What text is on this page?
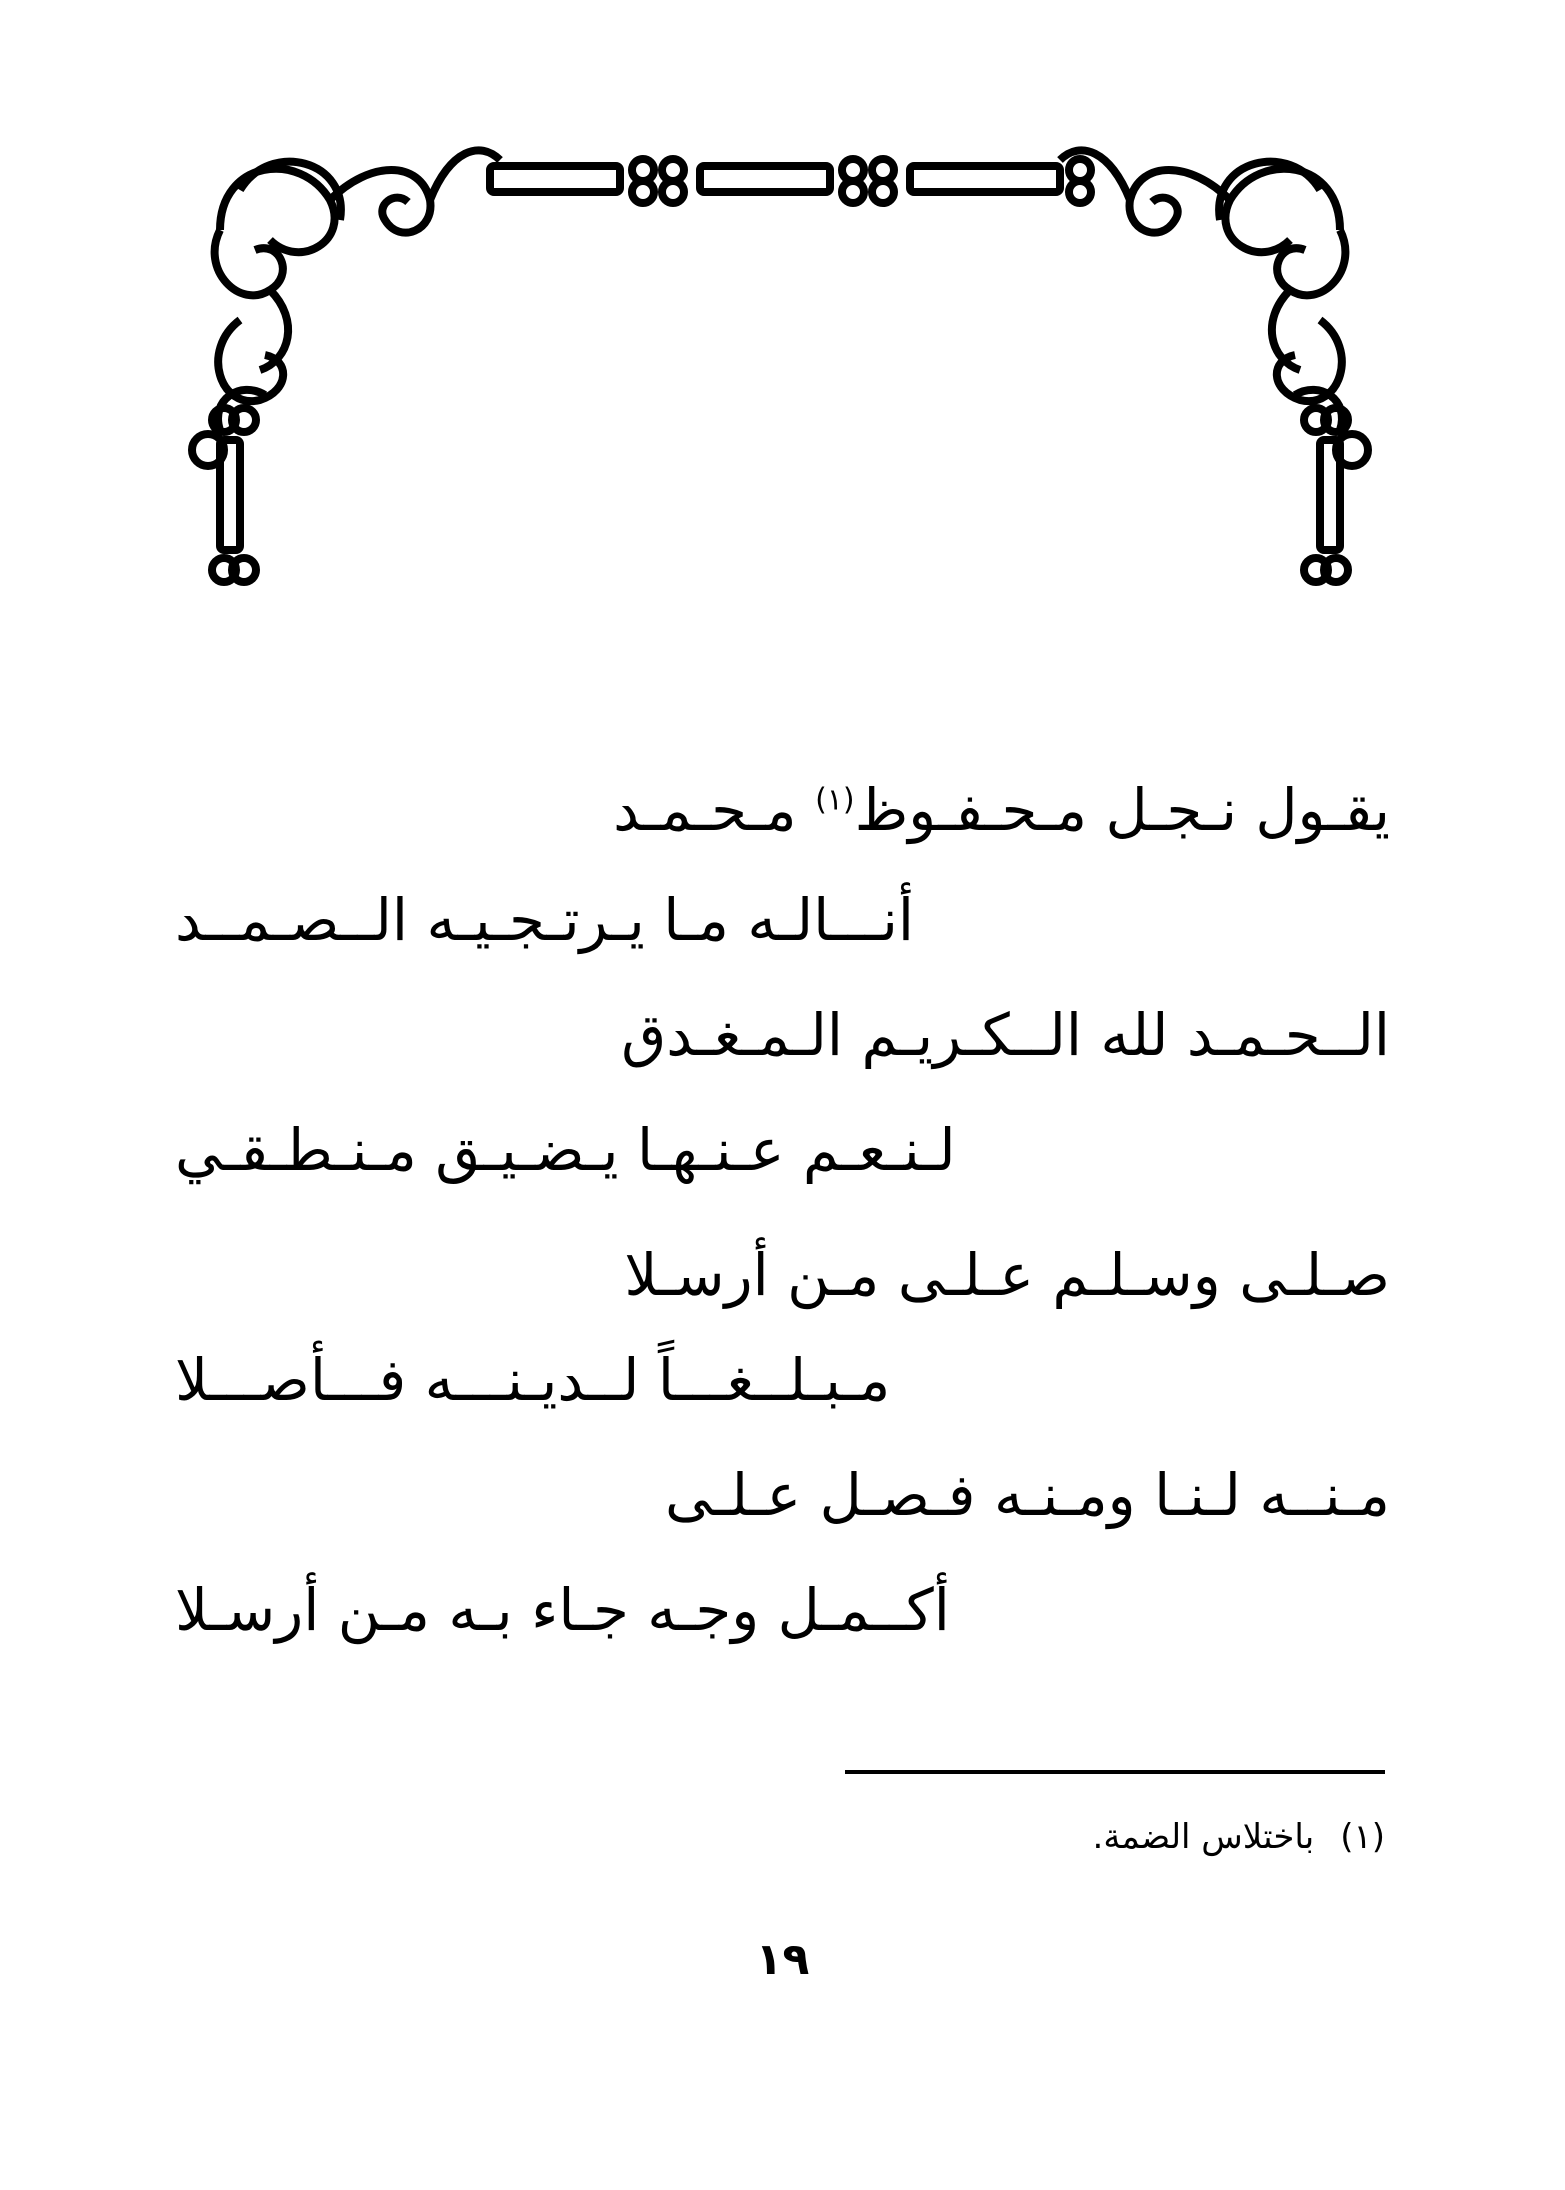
يقـول نـجـل مـحـفـوظ$^{(١)}$ مـحـمـد

أنـــالـه مـا يـرتـجـيـه الــصـمــد

الــحـمـد لله الــكـريـم الـمـغـدق

لـنـعـم عـنـهـا يـضـيـق مـنـطـقـي

صـلـى وسـلـم عـلـى مـن أرسـلا

مـبـلــغـــاً لــديـنـــه فـــأصـــلا

مـنــه لـنـا ومـنـه فـصـل عـلـى

أكــمـل وجـه جـاء بـه مـن أرسـلا

(١)باختلاس الضمة.
١٩
